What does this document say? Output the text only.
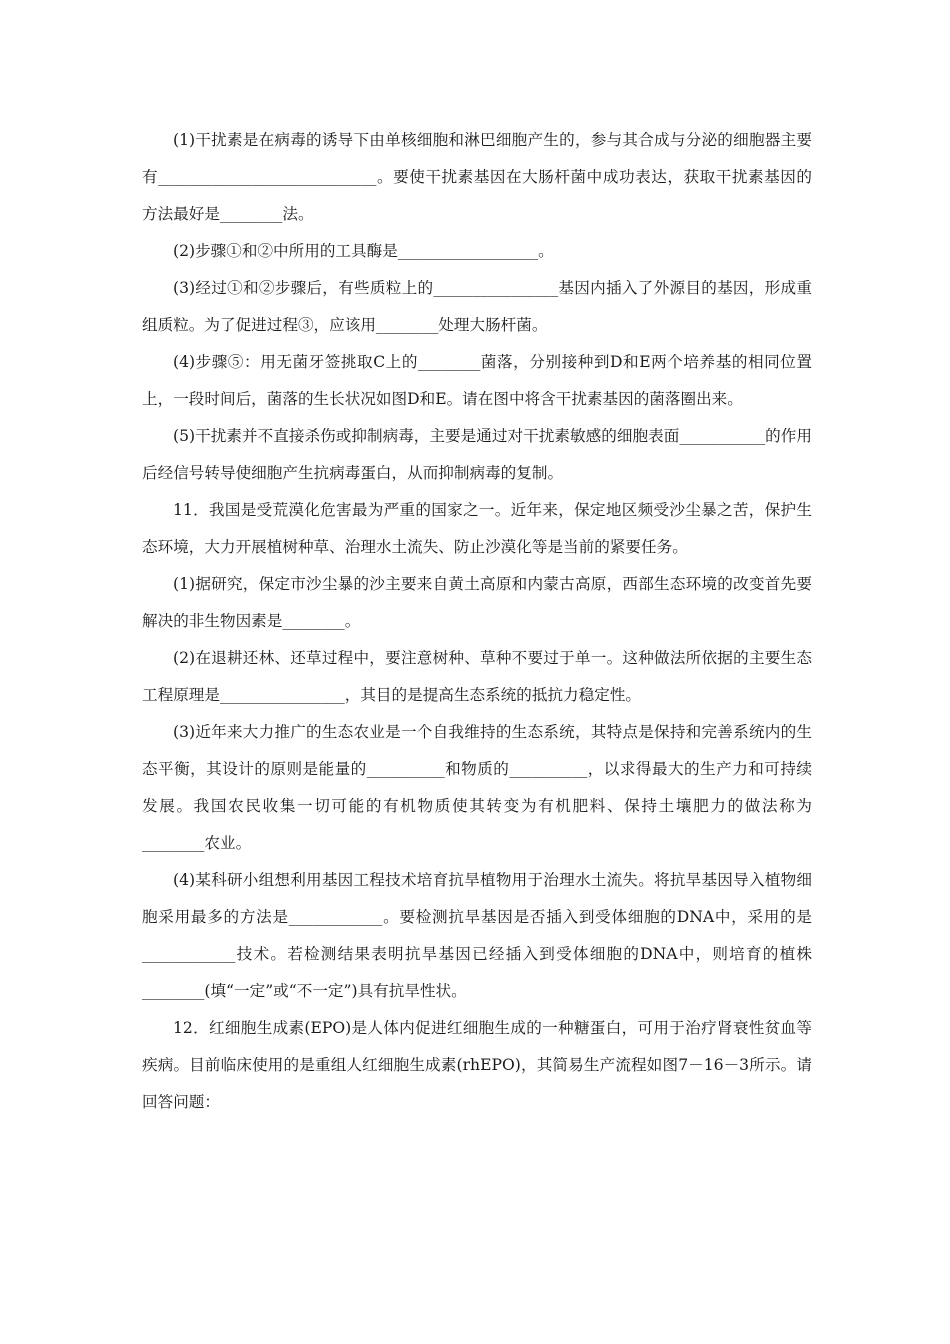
(1)干扰素是在病毒的诱导下由单核细胞和淋巴细胞产生的，参与其合成与分泌的细胞器主要有____________________________。要使干扰素基因在大肠杆菌中成功表达，获取干扰素基因的方法最好是________法。

(2)步骤①和②中所用的工具酶是__________________。

(3)经过①和②步骤后，有些质粒上的________________基因内插入了外源目的基因，形成重组质粒。为了促进过程③，应该用________处理大肠杆菌。

(4)步骤⑤：用无菌牙签挑取C上的________菌落，分别接种到D和E两个培养基的相同位置上，一段时间后，菌落的生长状况如图D和E。请在图中将含干扰素基因的菌落圈出来。

(5)干扰素并不直接杀伤或抑制病毒，主要是通过对干扰素敏感的细胞表面___________的作用后经信号转导使细胞产生抗病毒蛋白，从而抑制病毒的复制。

11．我国是受荒漠化危害最为严重的国家之一。近年来，保定地区频受沙尘暴之苦，保护生态环境，大力开展植树种草、治理水土流失、防止沙漠化等是当前的紧要任务。

(1)据研究，保定市沙尘暴的沙主要来自黄土高原和内蒙古高原，西部生态环境的改变首先要解决的非生物因素是________。

(2)在退耕还林、还草过程中，要注意树种、草种不要过于单一。这种做法所依据的主要生态工程原理是________________，其目的是提高生态系统的抵抗力稳定性。

(3)近年来大力推广的生态农业是一个自我维持的生态系统，其特点是保持和完善系统内的生态平衡，其设计的原则是能量的__________和物质的__________，以求得最大的生产力和可持续发展。我国农民收集一切可能的有机物质使其转变为有机肥料、保持土壤肥力的做法称为________农业。

(4)某科研小组想利用基因工程技术培育抗旱植物用于治理水土流失。将抗旱基因导入植物细胞采用最多的方法是____________。要检测抗旱基因是否插入到受体细胞的DNA中，采用的是____________技术。若检测结果表明抗旱基因已经插入到受体细胞的DNA中，则培育的植株________(填“一定”或“不一定”)具有抗旱性状。

12．红细胞生成素(EPO)是人体内促进红细胞生成的一种糖蛋白，可用于治疗肾衰性贫血等疾病。目前临床使用的是重组人红细胞生成素(rhEPO)，其简易生产流程如图7－16－3所示。请回答问题：
